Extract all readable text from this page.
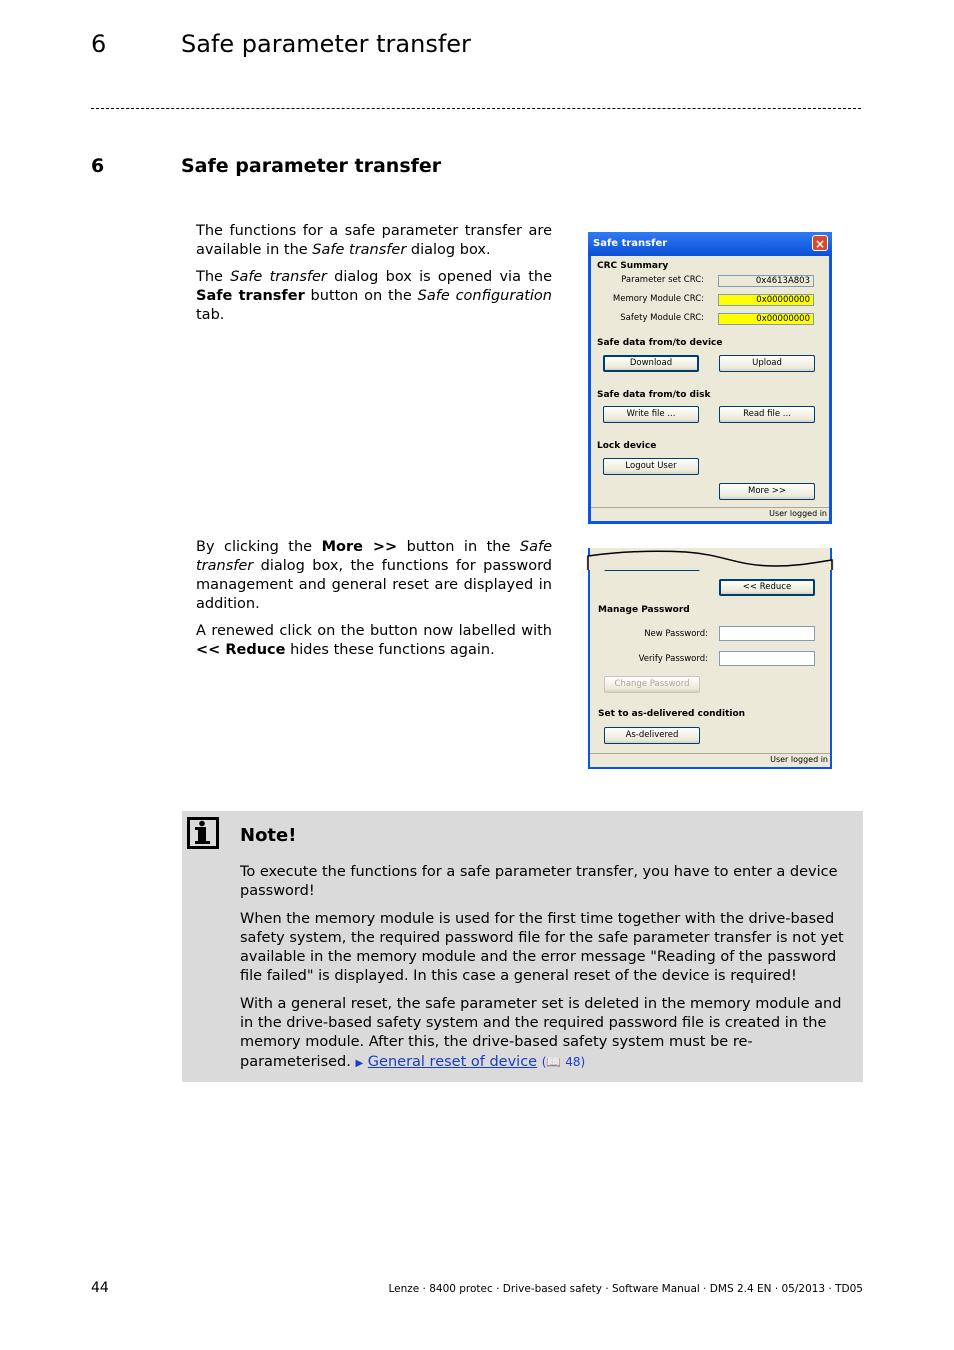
6	Safe parameter transfer
6	Safe parameter transfer

The functions for a safe parameter transfer are available in the Safe transfer dialog box.

The Safe transfer dialog box is opened via the Safe transfer button on the Safe configuration tab.

By clicking the More >> button in the Safe transfer dialog box, the functions for password management and general reset are displayed in addition.

A renewed click on the button now labelled with << Reduce hides these functions again.

Safe transfer	×
CRC Summary
Parameter set CRC:	0x4613A803
Memory Module CRC:	0x00000000
Safety Module CRC:	0x00000000
Safe data from/to device
Download	Upload
Safe data from/to disk
Write file ...	Read file ...
Lock device
Logout User
More >>
User logged in
<< Reduce
Manage Password
New Password:
Verify Password:
Change Password
Set to as-delivered condition
As-delivered
User logged in
Note!

To execute the functions for a safe parameter transfer, you have to enter a device password!

When the memory module is used for the first time together with the drive-based safety system, the required password file for the safe parameter transfer is not yet available in the memory module and the error message "Reading of the password file failed" is displayed. In this case a general reset of the device is required!

With a general reset, the safe parameter set is deleted in the memory module and in the drive-based safety system and the required password file is created in the memory module. After this, the drive-based safety system must be re-parameterised. ▶ General reset of device (📖 48)

44	Lenze · 8400 protec · Drive-based safety · Software Manual · DMS 2.4 EN · 05/2013 · TD05
